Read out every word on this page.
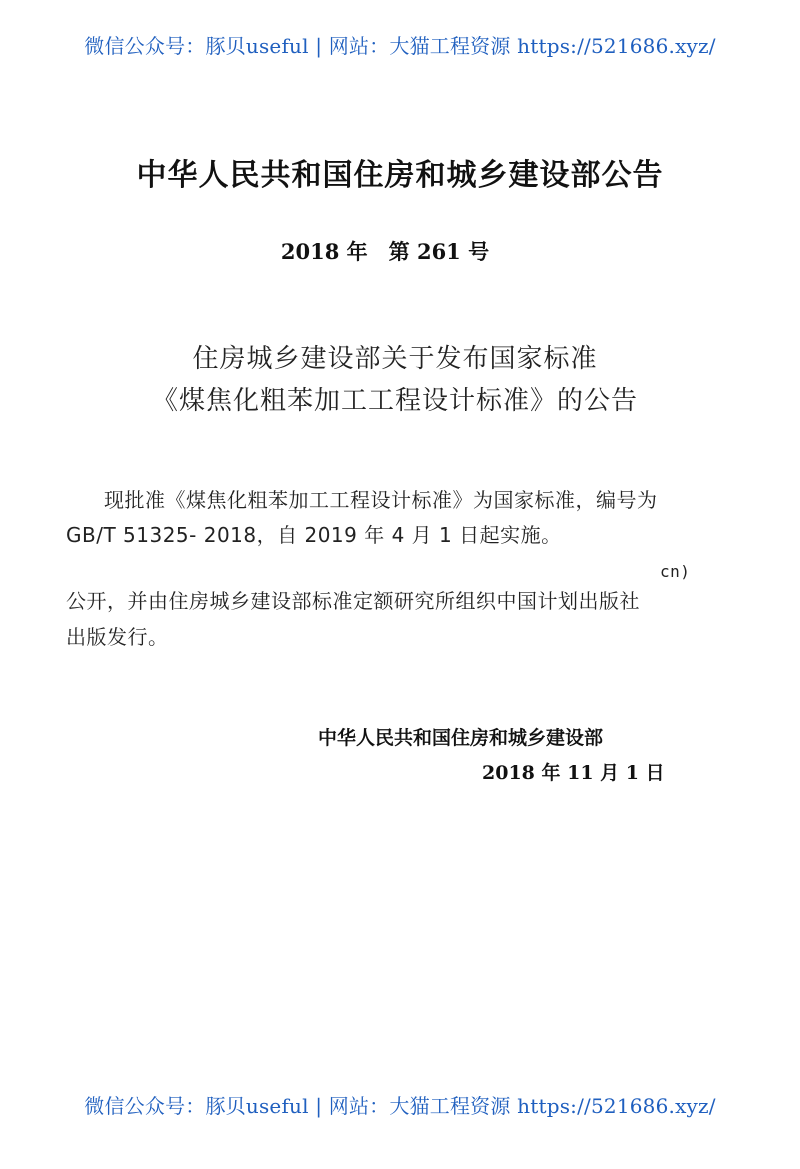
微信公众号：豚贝useful | 网站：大猫工程资源 https://521686.xyz/
中华人民共和国住房和城乡建设部公告
2018 年　第 261 号
住房城乡建设部关于发布国家标准
《煤焦化粗苯加工工程设计标准》的公告
现批准《煤焦化粗苯加工工程设计标准》为国家标准，编号为
GB/T 51325- 2018，自 2019 年 4 月 1 日起实施。
cn)
公开，并由住房城乡建设部标准定额研究所组织中国计划出版社
出版发行。
中华人民共和国住房和城乡建设部
2018 年 11 月 1 日
微信公众号：豚贝useful | 网站：大猫工程资源 https://521686.xyz/
